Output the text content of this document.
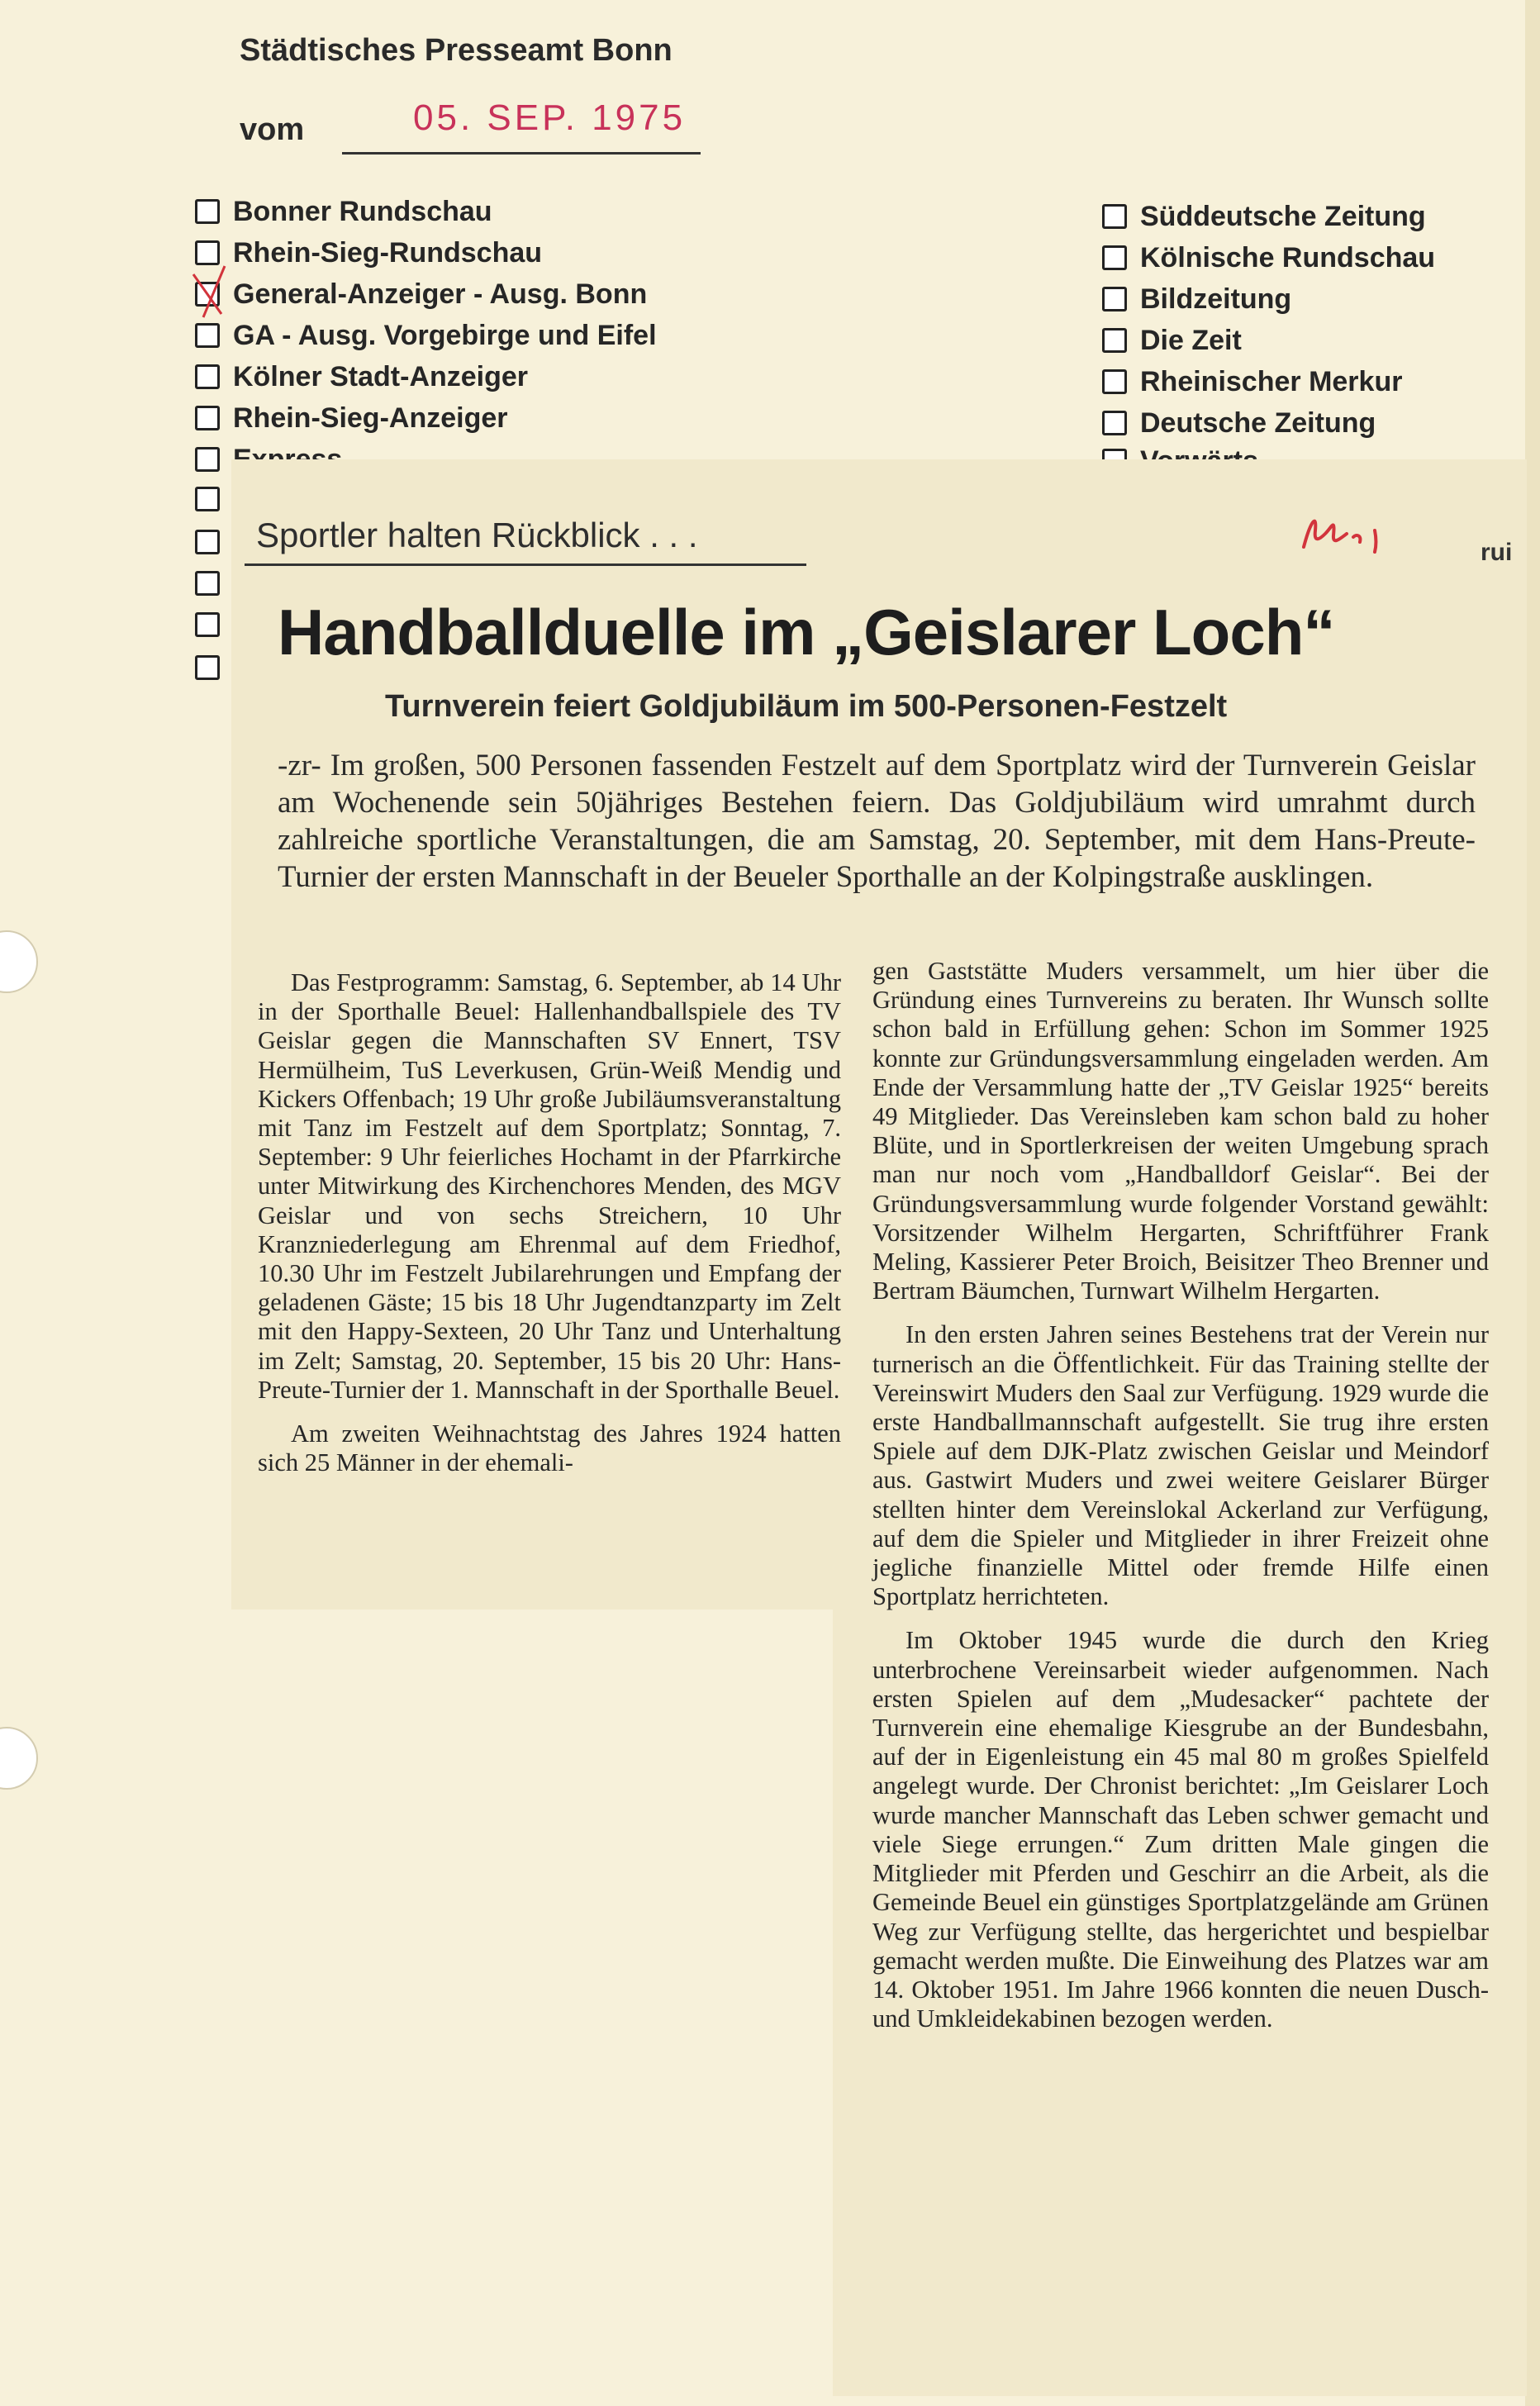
Städtisches Presseamt Bonn
vom	05. SEP. 1975
Bonner Rundschau
Rhein-Sieg-Rundschau
General-Anzeiger - Ausg. Bonn
GA - Ausg. Vorgebirge und Eifel
Kölner Stadt-Anzeiger
Rhein-Sieg-Anzeiger
Süddeutsche Zeitung
Kölnische Rundschau
Bildzeitung
Die Zeit
Rheinischer Merkur
Deutsche Zeitung
Sportler halten Rückblick . . .	rui
Handballduelle im „Geislarer Loch“
Turnverein feiert Goldjubiläum im 500-Personen-Festzelt
-zr- Im großen, 500 Personen fassenden Festzelt auf dem Sportplatz wird der Turnverein Geislar am Wochenende sein 50jähriges Bestehen feiern. Das Goldjubiläum wird umrahmt durch zahlreiche sportliche Veranstaltungen, die am Samstag, 20. September, mit dem Hans-Preute-Turnier der ersten Mannschaft in der Beueler Sporthalle an der Kolpingstraße ausklingen.

Das Festprogramm: Samstag, 6. September, ab 14 Uhr in der Sporthalle Beuel: Hallenhandballspiele des TV Geislar gegen die Mannschaften SV Ennert, TSV Hermülheim, TuS Leverkusen, Grün-Weiß Mendig und Kickers Offenbach; 19 Uhr große Jubiläumsveranstaltung mit Tanz im Festzelt auf dem Sportplatz; Sonntag, 7. September: 9 Uhr feierliches Hochamt in der Pfarrkirche unter Mitwirkung des Kirchenchores Menden, des MGV Geislar und von sechs Streichern, 10 Uhr Kranzniederlegung am Ehrenmal auf dem Friedhof, 10.30 Uhr im Festzelt Jubilarehrungen und Empfang der geladenen Gäste; 15 bis 18 Uhr Jugendtanzparty im Zelt mit den Happy-Sexteen, 20 Uhr Tanz und Unterhaltung im Zelt; Samstag, 20. September, 15 bis 20 Uhr: Hans-Preute-Turnier der 1. Mannschaft in der Sporthalle Beuel.

Am zweiten Weihnachtstag des Jahres 1924 hatten sich 25 Männer in der ehemali-

gen Gaststätte Muders versammelt, um hier über die Gründung eines Turnvereins zu beraten. Ihr Wunsch sollte schon bald in Erfüllung gehen: Schon im Sommer 1925 konnte zur Gründungsversammlung eingeladen werden. Am Ende der Versammlung hatte der „TV Geislar 1925“ bereits 49 Mitglieder. Das Vereinsleben kam schon bald zu hoher Blüte, und in Sportlerkreisen der weiten Umgebung sprach man nur noch vom „Handballdorf Geislar“. Bei der Gründungsversammlung wurde folgender Vorstand gewählt: Vorsitzender Wilhelm Hergarten, Schriftführer Frank Meling, Kassierer Peter Broich, Beisitzer Theo Brenner und Bertram Bäumchen, Turnwart Wilhelm Hergarten.

In den ersten Jahren seines Bestehens trat der Verein nur turnerisch an die Öffentlichkeit. Für das Training stellte der Vereinswirt Muders den Saal zur Verfügung. 1929 wurde die erste Handballmannschaft aufgestellt. Sie trug ihre ersten Spiele auf dem DJK-Platz zwischen Geislar und Meindorf aus. Gastwirt Muders und zwei weitere Geislarer Bürger stellten hinter dem Vereinslokal Ackerland zur Verfügung, auf dem die Spieler und Mitglieder in ihrer Freizeit ohne jegliche finanzielle Mittel oder fremde Hilfe einen Sportplatz herrichteten.

Im Oktober 1945 wurde die durch den Krieg unterbrochene Vereinsarbeit wieder aufgenommen. Nach ersten Spielen auf dem „Mudesacker“ pachtete der Turnverein eine ehemalige Kiesgrube an der Bundesbahn, auf der in Eigenleistung ein 45 mal 80 m großes Spielfeld angelegt wurde. Der Chronist berichtet: „Im Geislarer Loch wurde mancher Mannschaft das Leben schwer gemacht und viele Siege errungen.“ Zum dritten Male gingen die Mitglieder mit Pferden und Geschirr an die Arbeit, als die Gemeinde Beuel ein günstiges Sportplatzgelände am Grünen Weg zur Verfügung stellte, das hergerichtet und bespielbar gemacht werden mußte. Die Einweihung des Platzes war am 14. Oktober 1951. Im Jahre 1966 konnten die neuen Dusch- und Umkleidekabinen bezogen werden.
